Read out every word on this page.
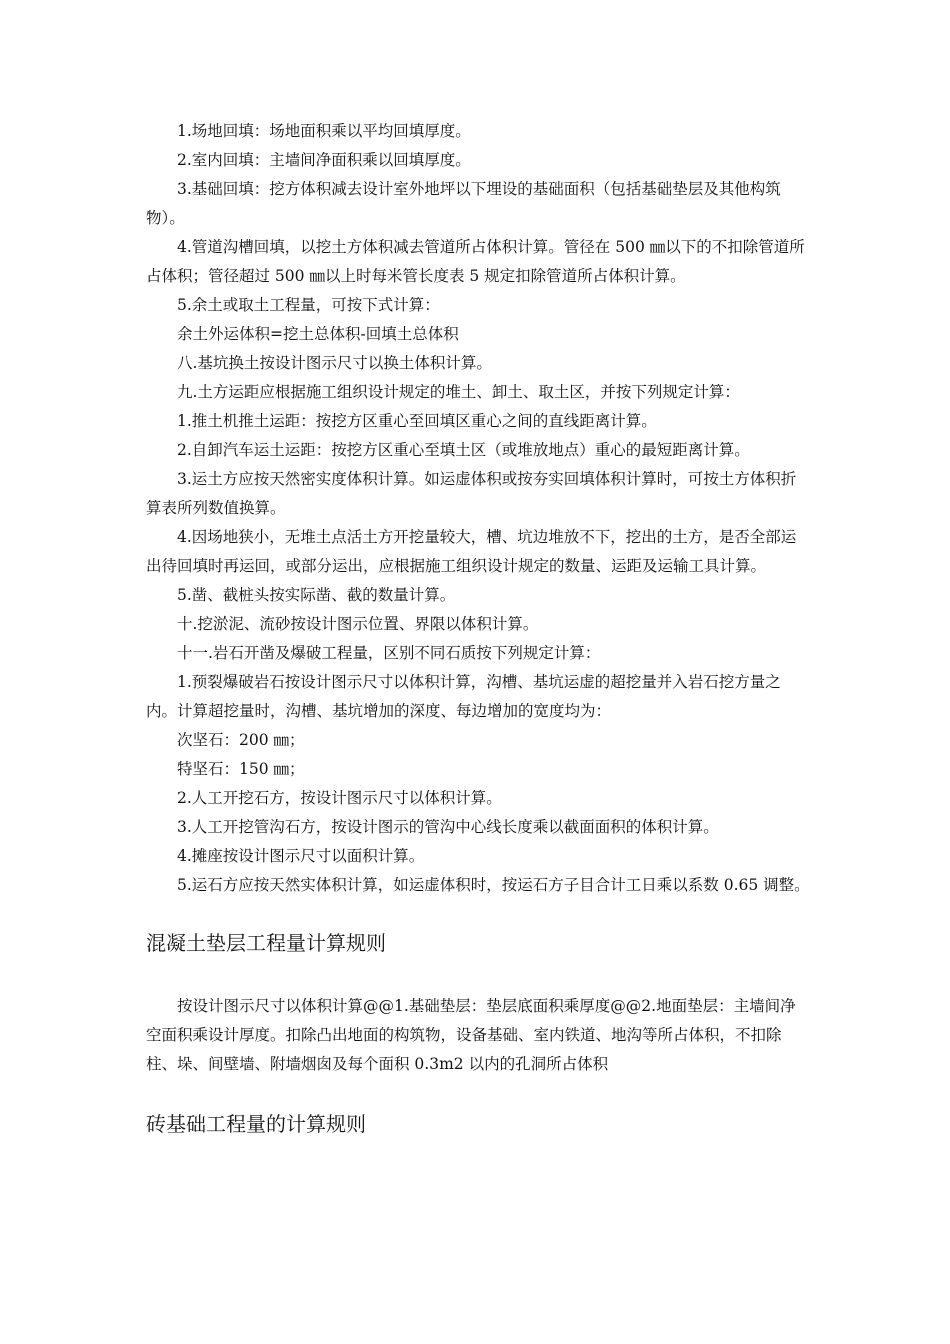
1.场地回填：场地面积乘以平均回填厚度。

2.室内回填：主墙间净面积乘以回填厚度。

3.基础回填：挖方体积减去设计室外地坪以下埋设的基础面积（包括基础垫层及其他构筑物）。

4.管道沟槽回填，以挖土方体积减去管道所占体积计算。管径在 500 ㎜以下的不扣除管道所占体积；管径超过 500 ㎜以上时每米管长度表 5 规定扣除管道所占体积计算。

5.余土或取土工程量，可按下式计算：

余土外运体积=挖土总体积-回填土总体积

八.基坑换土按设计图示尺寸以换土体积计算。

九.土方运距应根据施工组织设计规定的堆土、卸土、取土区，并按下列规定计算：

1.推土机推土运距：按挖方区重心至回填区重心之间的直线距离计算。

2.自卸汽车运土运距：按挖方区重心至填土区（或堆放地点）重心的最短距离计算。

3.运土方应按天然密实度体积计算。如运虚体积或按夯实回填体积计算时，可按土方体积折算表所列数值换算。

4.因场地狭小，无堆土点活土方开挖量较大，槽、坑边堆放不下，挖出的土方，是否全部运出待回填时再运回，或部分运出，应根据施工组织设计规定的数量、运距及运输工具计算。

5.凿、截桩头按实际凿、截的数量计算。

十.挖淤泥、流砂按设计图示位置、界限以体积计算。

十一.岩石开凿及爆破工程量，区别不同石质按下列规定计算：

1.预裂爆破岩石按设计图示尺寸以体积计算，沟槽、基坑运虚的超挖量并入岩石挖方量之内。计算超挖量时，沟槽、基坑增加的深度、每边增加的宽度均为：

次坚石：200 ㎜；

特坚石：150 ㎜；

2.人工开挖石方，按设计图示尺寸以体积计算。

3.人工开挖管沟石方，按设计图示的管沟中心线长度乘以截面面积的体积计算。

4.摊座按设计图示尺寸以面积计算。

5.运石方应按天然实体积计算，如运虚体积时，按运石方子目合计工日乘以系数 0.65 调整。

混凝土垫层工程量计算规则

按设计图示尺寸以体积计算@@1.基础垫层：垫层底面积乘厚度@@2.地面垫层：主墙间净空面积乘设计厚度。扣除凸出地面的构筑物，设备基础、室内铁道、地沟等所占体积，不扣除柱、垛、间壁墙、附墙烟囱及每个面积 0.3m2 以内的孔洞所占体积

砖基础工程量的计算规则
